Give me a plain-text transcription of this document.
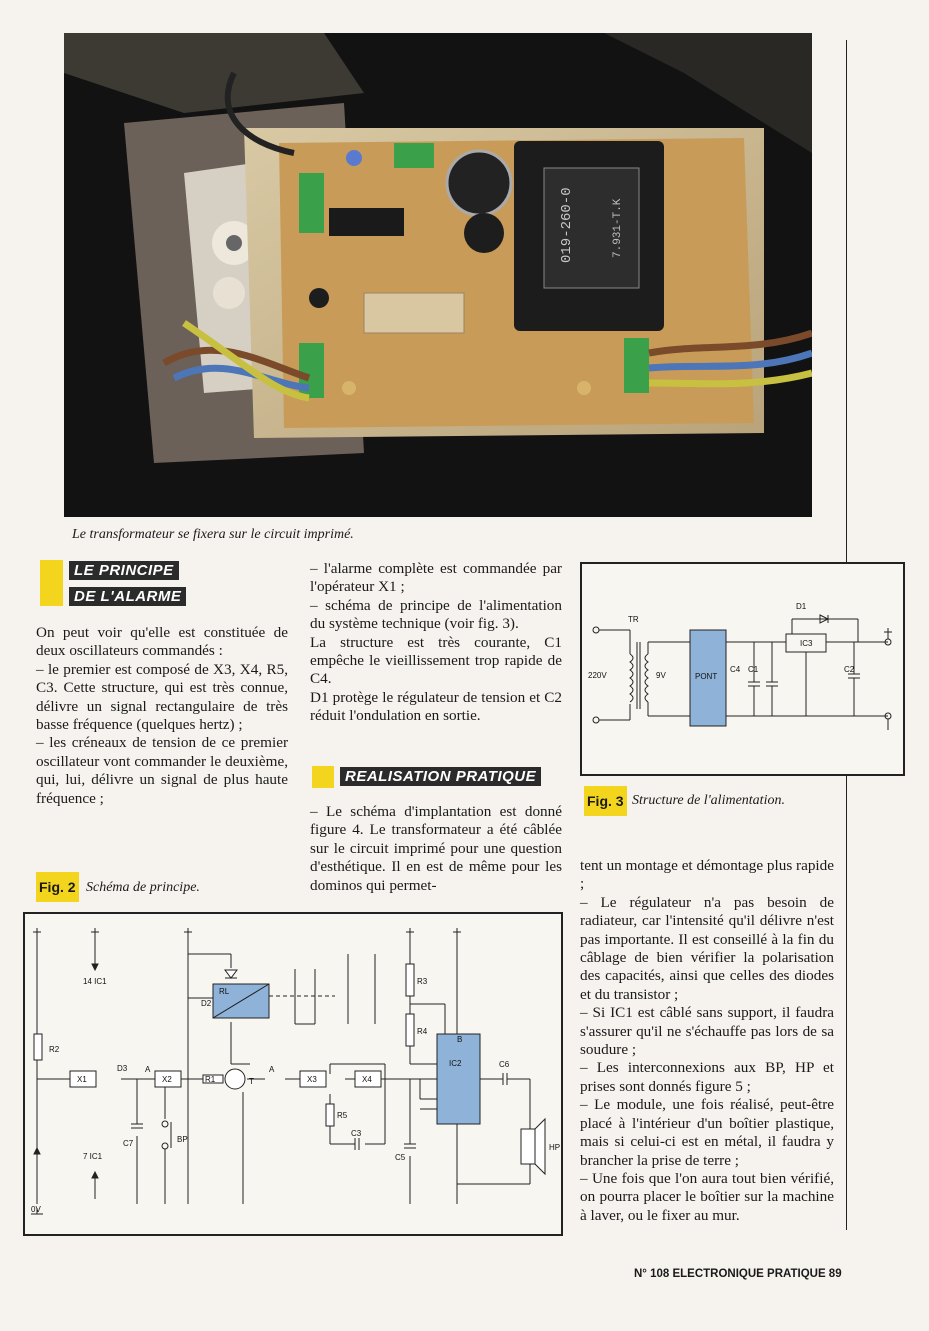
019-260-0	7.931-T.K
Le transformateur se fixera sur le circuit imprimé.
LE PRINCIPE
DE L'ALARME

On peut voir qu'elle est constituée de deux oscillateurs commandés :

– le premier est composé de X3, X4, R5, C3. Cette structure, qui est très connue, délivre un signal rectangulaire de très basse fréquence (quelques hertz) ;

– les créneaux de tension de ce premier oscillateur vont commander le deuxième, qui, lui, délivre un signal de plus haute fréquence ;

Fig. 2 Schéma de principe.

– l'alarme complète est commandée par l'opérateur X1 ;

– schéma de principe de l'alimentation du système technique (voir fig. 3).

La structure est très courante, C1 empêche le vieillissement trop rapide de C4.

D1 protège le régulateur de tension et C2 réduit l'ondulation en sortie.

REALISATION PRATIQUE

– Le schéma d'implantation est donné figure 4. Le transformateur a été câblée sur le circuit imprimé pour une question d'esthétique. Il en est de même pour les dominos qui permet-

PONT
TR
220V	9V
C4 C1	C2
D1
IC3
Fig. 3 Structure de l'alimentation.

tent un montage et démontage plus rapide ;

– Le régulateur n'a pas besoin de radiateur, car l'intensité qu'il délivre n'est pas importante. Il est conseillé à la fin du câblage de bien vérifier la polarisation des capacités, ainsi que celles des diodes et du transistor ;

– Si IC1 est câblé sans support, il faudra s'assurer qu'il ne s'échauffe pas lors de sa soudure ;

– Les interconnexions aux BP, HP et prises sont donnés figure 5 ;

– Le module, une fois réalisé, peut-être placé à l'intérieur d'un boîtier plastique, mais si celui-ci est en métal, il faudra y brancher la prise de terre ;

– Une fois que l'on aura tout bien vérifié, on pourra placer le boîtier sur la machine à laver, ou le fixer au mur.

14 IC1
7 IC1
0V
R2
X1	X2	X3	X4
D2
D3
RL
R1	T
C7	BP
R3
R4
R5
C3
C5
C6
IC2
HP
A
A
B
N° 108 ELECTRONIQUE PRATIQUE 89
